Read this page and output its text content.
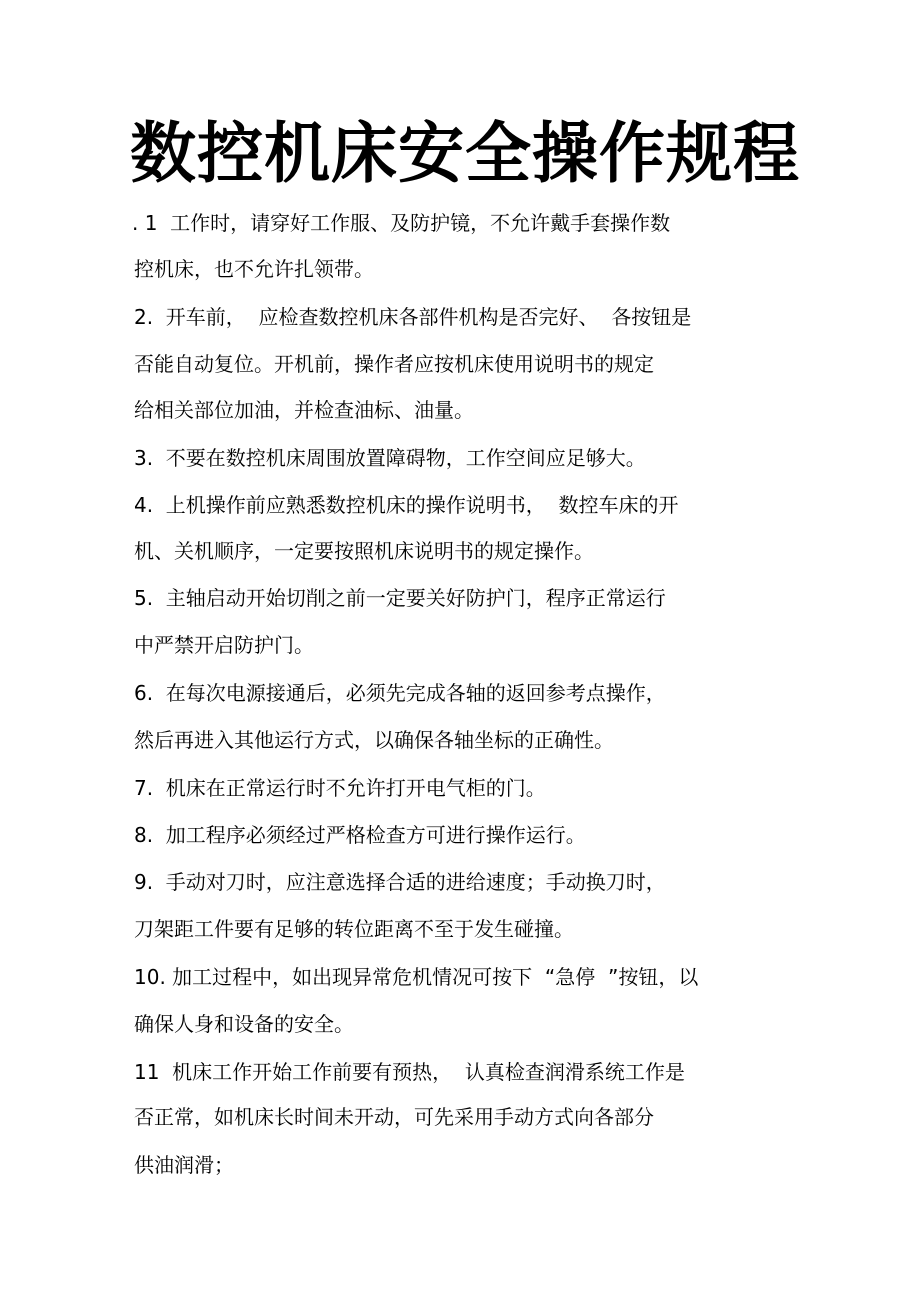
数控机床安全操作规程
. 1  工作时，请穿好工作服、及防护镜，不允许戴手套操作数
控机床，也不允许扎领带。
2.  开车前，  应检查数控机床各部件机构是否完好、  各按钮是
否能自动复位。开机前，操作者应按机床使用说明书的规定
给相关部位加油，并检查油标、油量。
3.  不要在数控机床周围放置障碍物，工作空间应足够大。
4.  上机操作前应熟悉数控机床的操作说明书，  数控车床的开
机、关机顺序，一定要按照机床说明书的规定操作。
5.  主轴启动开始切削之前一定要关好防护门，程序正常运行
中严禁开启防护门。
6.  在每次电源接通后，必须先完成各轴的返回参考点操作，
然后再进入其他运行方式，以确保各轴坐标的正确性。
7.  机床在正常运行时不允许打开电气柜的门。
8.  加工程序必须经过严格检查方可进行操作运行。
9.  手动对刀时，应注意选择合适的进给速度；手动换刀时，
刀架距工件要有足够的转位距离不至于发生碰撞。
10. 加工过程中，如出现异常危机情况可按下  “急停  ”按钮，以
确保人身和设备的安全。
11  机床工作开始工作前要有预热，  认真检查润滑系统工作是
否正常，如机床长时间未开动，可先采用手动方式向各部分
供油润滑；
